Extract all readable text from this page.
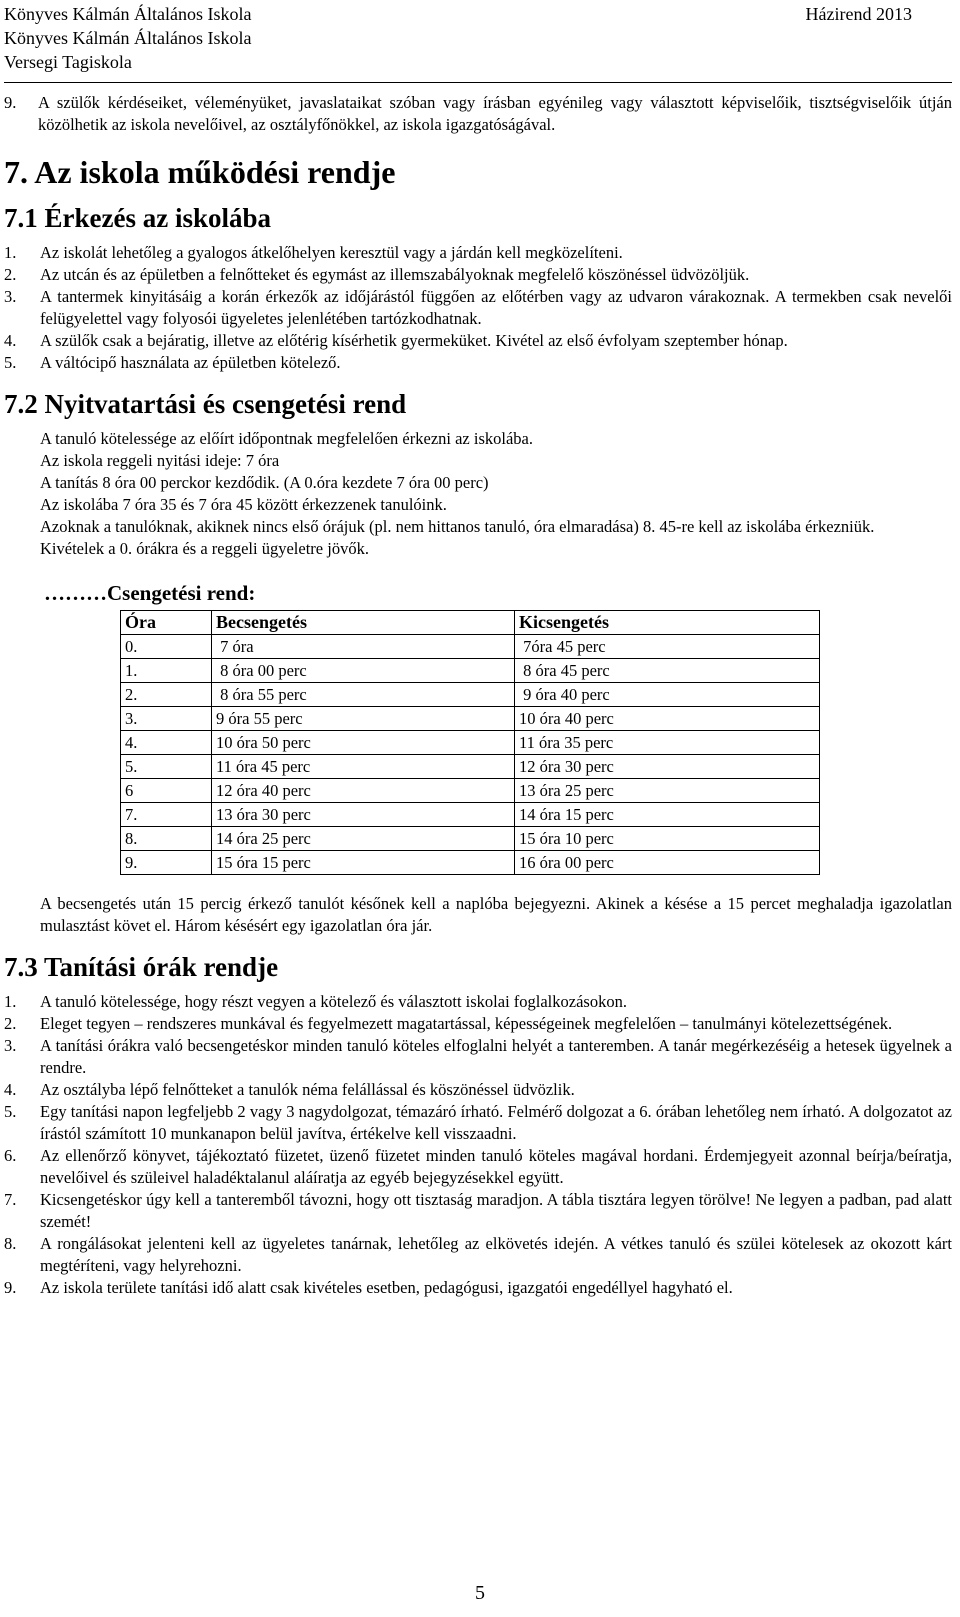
Könyves Kálmán Általános Iskola
Könyves Kálmán Általános Iskola
Versegi Tagiskola
Házirend 2013
9.	A szülők kérdéseiket, véleményüket, javaslataikat szóban vagy írásban egyénileg vagy választott képviselőik, tisztségviselőik útján közölhetik az iskola nevelőivel, az osztályfőnökkel, az iskola igazgatóságával.
7. Az iskola működési rendje
7.1 Érkezés az iskolába
1.	Az iskolát lehetőleg a gyalogos átkelőhelyen keresztül vagy a járdán kell megközelíteni.
2.	Az utcán és az épületben a felnőtteket és egymást az illemszabályoknak megfelelő köszönéssel üdvözöljük.
3.	A tantermek kinyitásáig a korán érkezők az időjárástól függően az előtérben vagy az udvaron várakoznak. A termekben csak nevelői felügyelettel vagy folyosói ügyeletes jelenlétében tartózkodhatnak.
4.	A szülők csak a bejáratig, illetve az előtérig kísérhetik gyermeküket. Kivétel az első évfolyam szeptember hónap.
5.	A váltócipő használata az épületben kötelező.
7.2 Nyitvatartási és csengetési rend

A tanuló kötelessége az előírt időpontnak megfelelően érkezni az iskolába.

Az iskola reggeli nyitási ideje: 7 óra

A tanítás 8 óra 00 perckor kezdődik. (A 0.óra kezdete 7 óra 00 perc)

Az iskolába 7 óra 35 és 7 óra 45 között érkezzenek tanulóink.

Azoknak a tanulóknak, akiknek nincs első órájuk (pl. nem hittanos tanuló, óra elmaradása) 8. 45-re kell az iskolába érkezniük.

Kivételek a 0. órákra és a reggeli ügyeletre jövők.

………Csengetési rend:
Óra	Becsengetés	Kicsengetés
0.	7 óra	7óra 45 perc
1.	8 óra 00 perc	8 óra 45 perc
2.	8 óra 55 perc	9 óra 40 perc
3.	9 óra 55 perc	10 óra 40 perc
4.	10 óra 50 perc	11 óra 35 perc
5.	11 óra 45 perc	12 óra 30 perc
6	12 óra 40 perc	13 óra 25 perc
7.	13 óra 30 perc	14 óra 15 perc
8.	14 óra 25 perc	15 óra 10 perc
9.	15 óra 15 perc	16 óra 00 perc
A becsengetés után 15 percig érkező tanulót későnek kell a naplóba bejegyezni. Akinek a késése a 15 percet meghaladja igazolatlan mulasztást követ el. Három késésért egy igazolatlan óra jár.
7.3 Tanítási órák rendje
1.	A tanuló kötelessége, hogy részt vegyen a kötelező és választott iskolai foglalkozásokon.
2.	Eleget tegyen – rendszeres munkával és fegyelmezett magatartással, képességeinek megfelelően – tanulmányi kötelezettségének.
3.	A tanítási órákra való becsengetéskor minden tanuló köteles elfoglalni helyét a tanteremben. A tanár megérkezéséig a hetesek ügyelnek a rendre.
4.	Az osztályba lépő felnőtteket a tanulók néma felállással és köszönéssel üdvözlik.
5.	Egy tanítási napon legfeljebb 2 vagy 3 nagydolgozat, témazáró írható. Felmérő dolgozat a 6. órában lehetőleg nem írható. A dolgozatot az írástól számított 10 munkanapon belül javítva, értékelve kell visszaadni.
6.	Az ellenőrző könyvet, tájékoztató füzetet, üzenő füzetet minden tanuló köteles magával hordani. Érdemjegyeit azonnal beírja/beíratja, nevelőivel és szüleivel haladéktalanul aláíratja az egyéb bejegyzésekkel együtt.
7.	Kicsengetéskor úgy kell a tanteremből távozni, hogy ott tisztaság maradjon. A tábla tisztára legyen törölve! Ne legyen a padban, pad alatt szemét!
8.	A rongálásokat jelenteni kell az ügyeletes tanárnak, lehetőleg az elkövetés idején. A vétkes tanuló és szülei kötelesek az okozott kárt megtéríteni, vagy helyrehozni.
9.	Az iskola területe tanítási idő alatt csak kivételes esetben, pedagógusi, igazgatói engedéllyel hagyható el.
5
